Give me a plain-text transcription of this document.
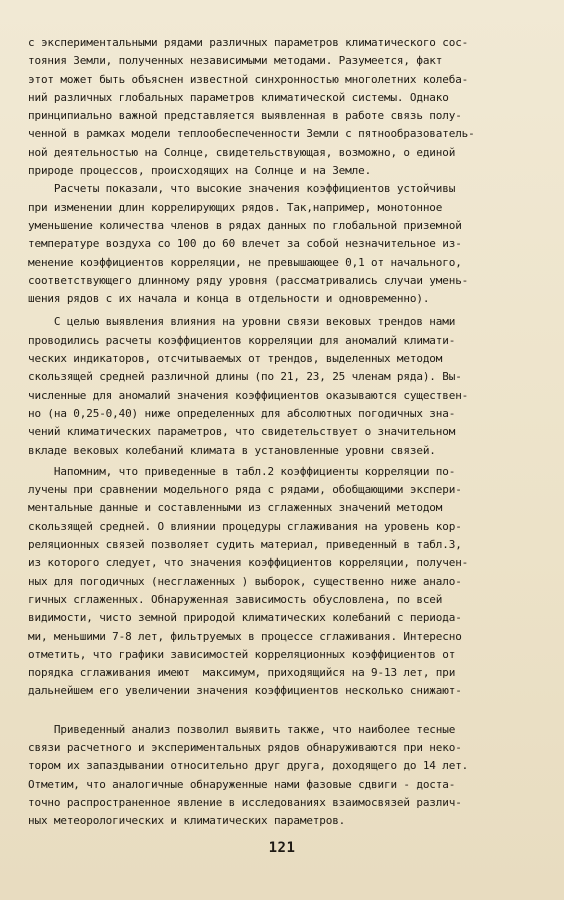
с экспериментальными рядами различных параметров климатического сос-
тояния Земли, полученных независимыми методами. Разумеется, факт
этот может быть объяснен известной синхронностью многолетних колеба-
ний различных глобальных параметров климатической системы. Однако
принципиально важной представляется выявленная в работе связь полу-
ченной в рамках модели теплообеспеченности Земли с пятнообразователь-
ной деятельностью на Солнце, свидетельствующая, возможно, о единой
природе процессов, происходящих на Солнце и на Земле.

Расчеты показали, что высокие значения коэффициентов устойчивы
при изменении длин коррелирующих рядов. Так,например, монотонное
уменьшение количества членов в рядах данных по глобальной приземной
температуре воздуха со 100 до 60 влечет за собой незначительное из-
менение коэффициентов корреляции, не превышающее 0,1 от начального,
соответствующего длинному ряду уровня (рассматривались случаи умень-
шения рядов с их начала и конца в отдельности и одновременно).

С целью выявления влияния на уровни связи вековых трендов нами
проводились расчеты коэффициентов корреляции для аномалий климати-
ческих индикаторов, отсчитываемых от трендов, выделенных методом
скользящей средней различной длины (по 21, 23, 25 членам ряда). Вы-
численные для аномалий значения коэффициентов оказываются существен-
но (на 0,25-0,40) ниже определенных для абсолютных погодичных зна-
чений климатических параметров, что свидетельствует о значительном
вкладе вековых колебаний климата в установленные уровни связей.

Напомним, что приведенные в табл.2 коэффициенты корреляции по-
лучены при сравнении модельного ряда с рядами, обобщающими экспери-
ментальные данные и составленными из сглаженных значений методом
скользящей средней. О влиянии процедуры сглаживания на уровень кор-
реляционных связей позволяет судить материал, приведенный в табл.3,
из которого следует, что значения коэффициентов корреляции, получен-
ных для погодичных (несглаженных ) выборок, существенно ниже анало-
гичных сглаженных. Обнаруженная зависимость обусловлена, по всей
видимости, чисто земной природой климатических колебаний с периода-
ми, меньшими 7-8 лет, фильтруемых в процессе сглаживания. Интересно
отметить, что графики зависимостей корреляционных коэффициентов от
порядка сглаживания имеют  максимум, приходящийся на 9-13 лет, при
дальнейшем его увеличении значения коэффициентов несколько снижают-

Приведенный анализ позволил выявить также, что наиболее тесные
связи расчетного и экспериментальных рядов обнаруживаются при неко-
тором их запаздывании относительно друг друга, доходящего до 14 лет.
Отметим, что аналогичные обнаруженные нами фазовые сдвиги - доста-
точно распространенное явление в исследованиях взаимосвязей различ-
ных метеорологических и климатических параметров.

121
